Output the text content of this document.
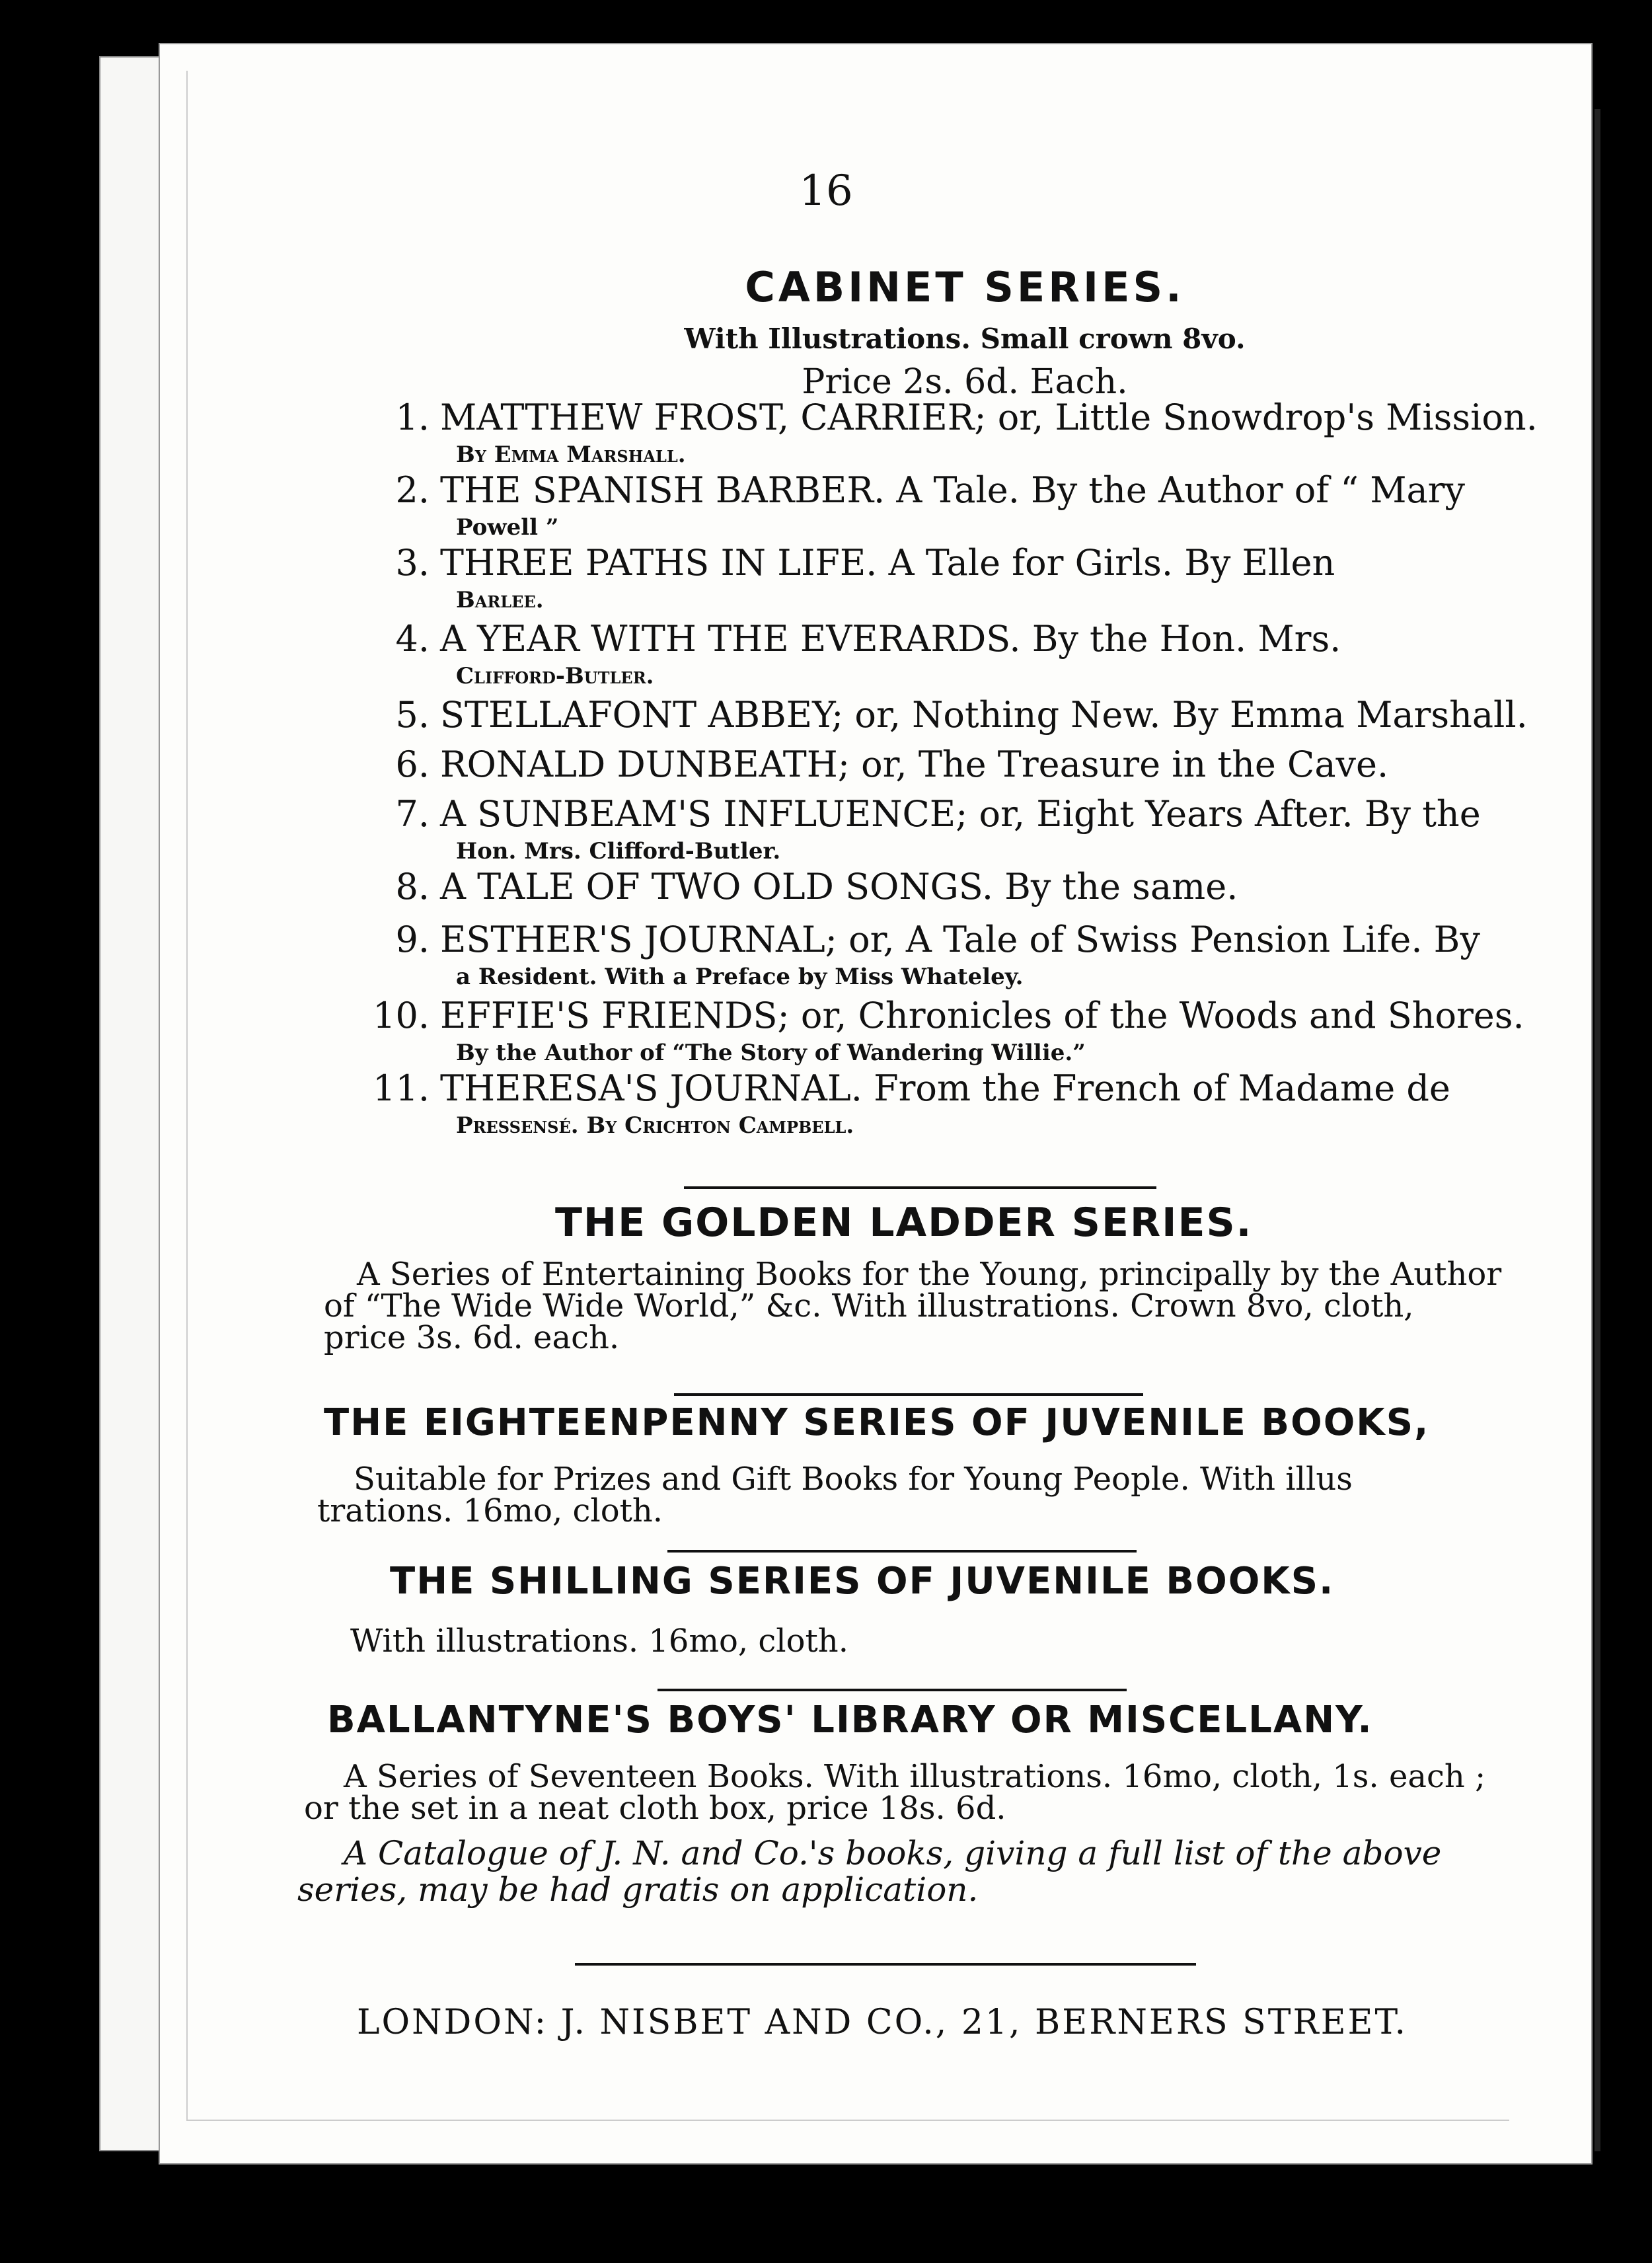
16
CABINET SERIES.
With Illustrations. Small crown 8vo.
Price 2s. 6d. Each.
1. MATTHEW FROST, CARRIER; or, Little Snowdrop's Mission.
By Emma Marshall.
2. THE SPANISH BARBER. A Tale. By the Author of “ Mary
Powell ”
3. THREE PATHS IN LIFE. A Tale for Girls. By Ellen
Barlee.
4. A YEAR WITH THE EVERARDS. By the Hon. Mrs.
Clifford-Butler.
5. STELLAFONT ABBEY; or, Nothing New. By Emma Marshall.
6. RONALD DUNBEATH; or, The Treasure in the Cave.
7. A SUNBEAM'S INFLUENCE; or, Eight Years After. By the
Hon. Mrs. Clifford-Butler.
8. A TALE OF TWO OLD SONGS. By the same.
9. ESTHER'S JOURNAL; or, A Tale of Swiss Pension Life. By
a Resident. With a Preface by Miss Whateley.
10. EFFIE'S FRIENDS; or, Chronicles of the Woods and Shores.
By the Author of “The Story of Wandering Willie.”
11. THERESA'S JOURNAL. From the French of Madame de
Pressensé. By Crichton Campbell.
THE GOLDEN LADDER SERIES.
A Series of Entertaining Books for the Young, principally by the Author
of “The Wide Wide World,” &c. With illustrations. Crown 8vo, cloth,
price 3s. 6d. each.
THE EIGHTEENPENNY SERIES OF JUVENILE BOOKS,
Suitable for Prizes and Gift Books for Young People. With illus
trations. 16mo, cloth.
THE SHILLING SERIES OF JUVENILE BOOKS.
With illustrations. 16mo, cloth.
BALLANTYNE'S BOYS' LIBRARY OR MISCELLANY.
A Series of Seventeen Books. With illustrations. 16mo, cloth, 1s. each ;
or the set in a neat cloth box, price 18s. 6d.
A Catalogue of J. N. and Co.'s books, giving a full list of the above
series, may be had gratis on application.
LONDON: J. NISBET AND CO., 21, BERNERS STREET.
